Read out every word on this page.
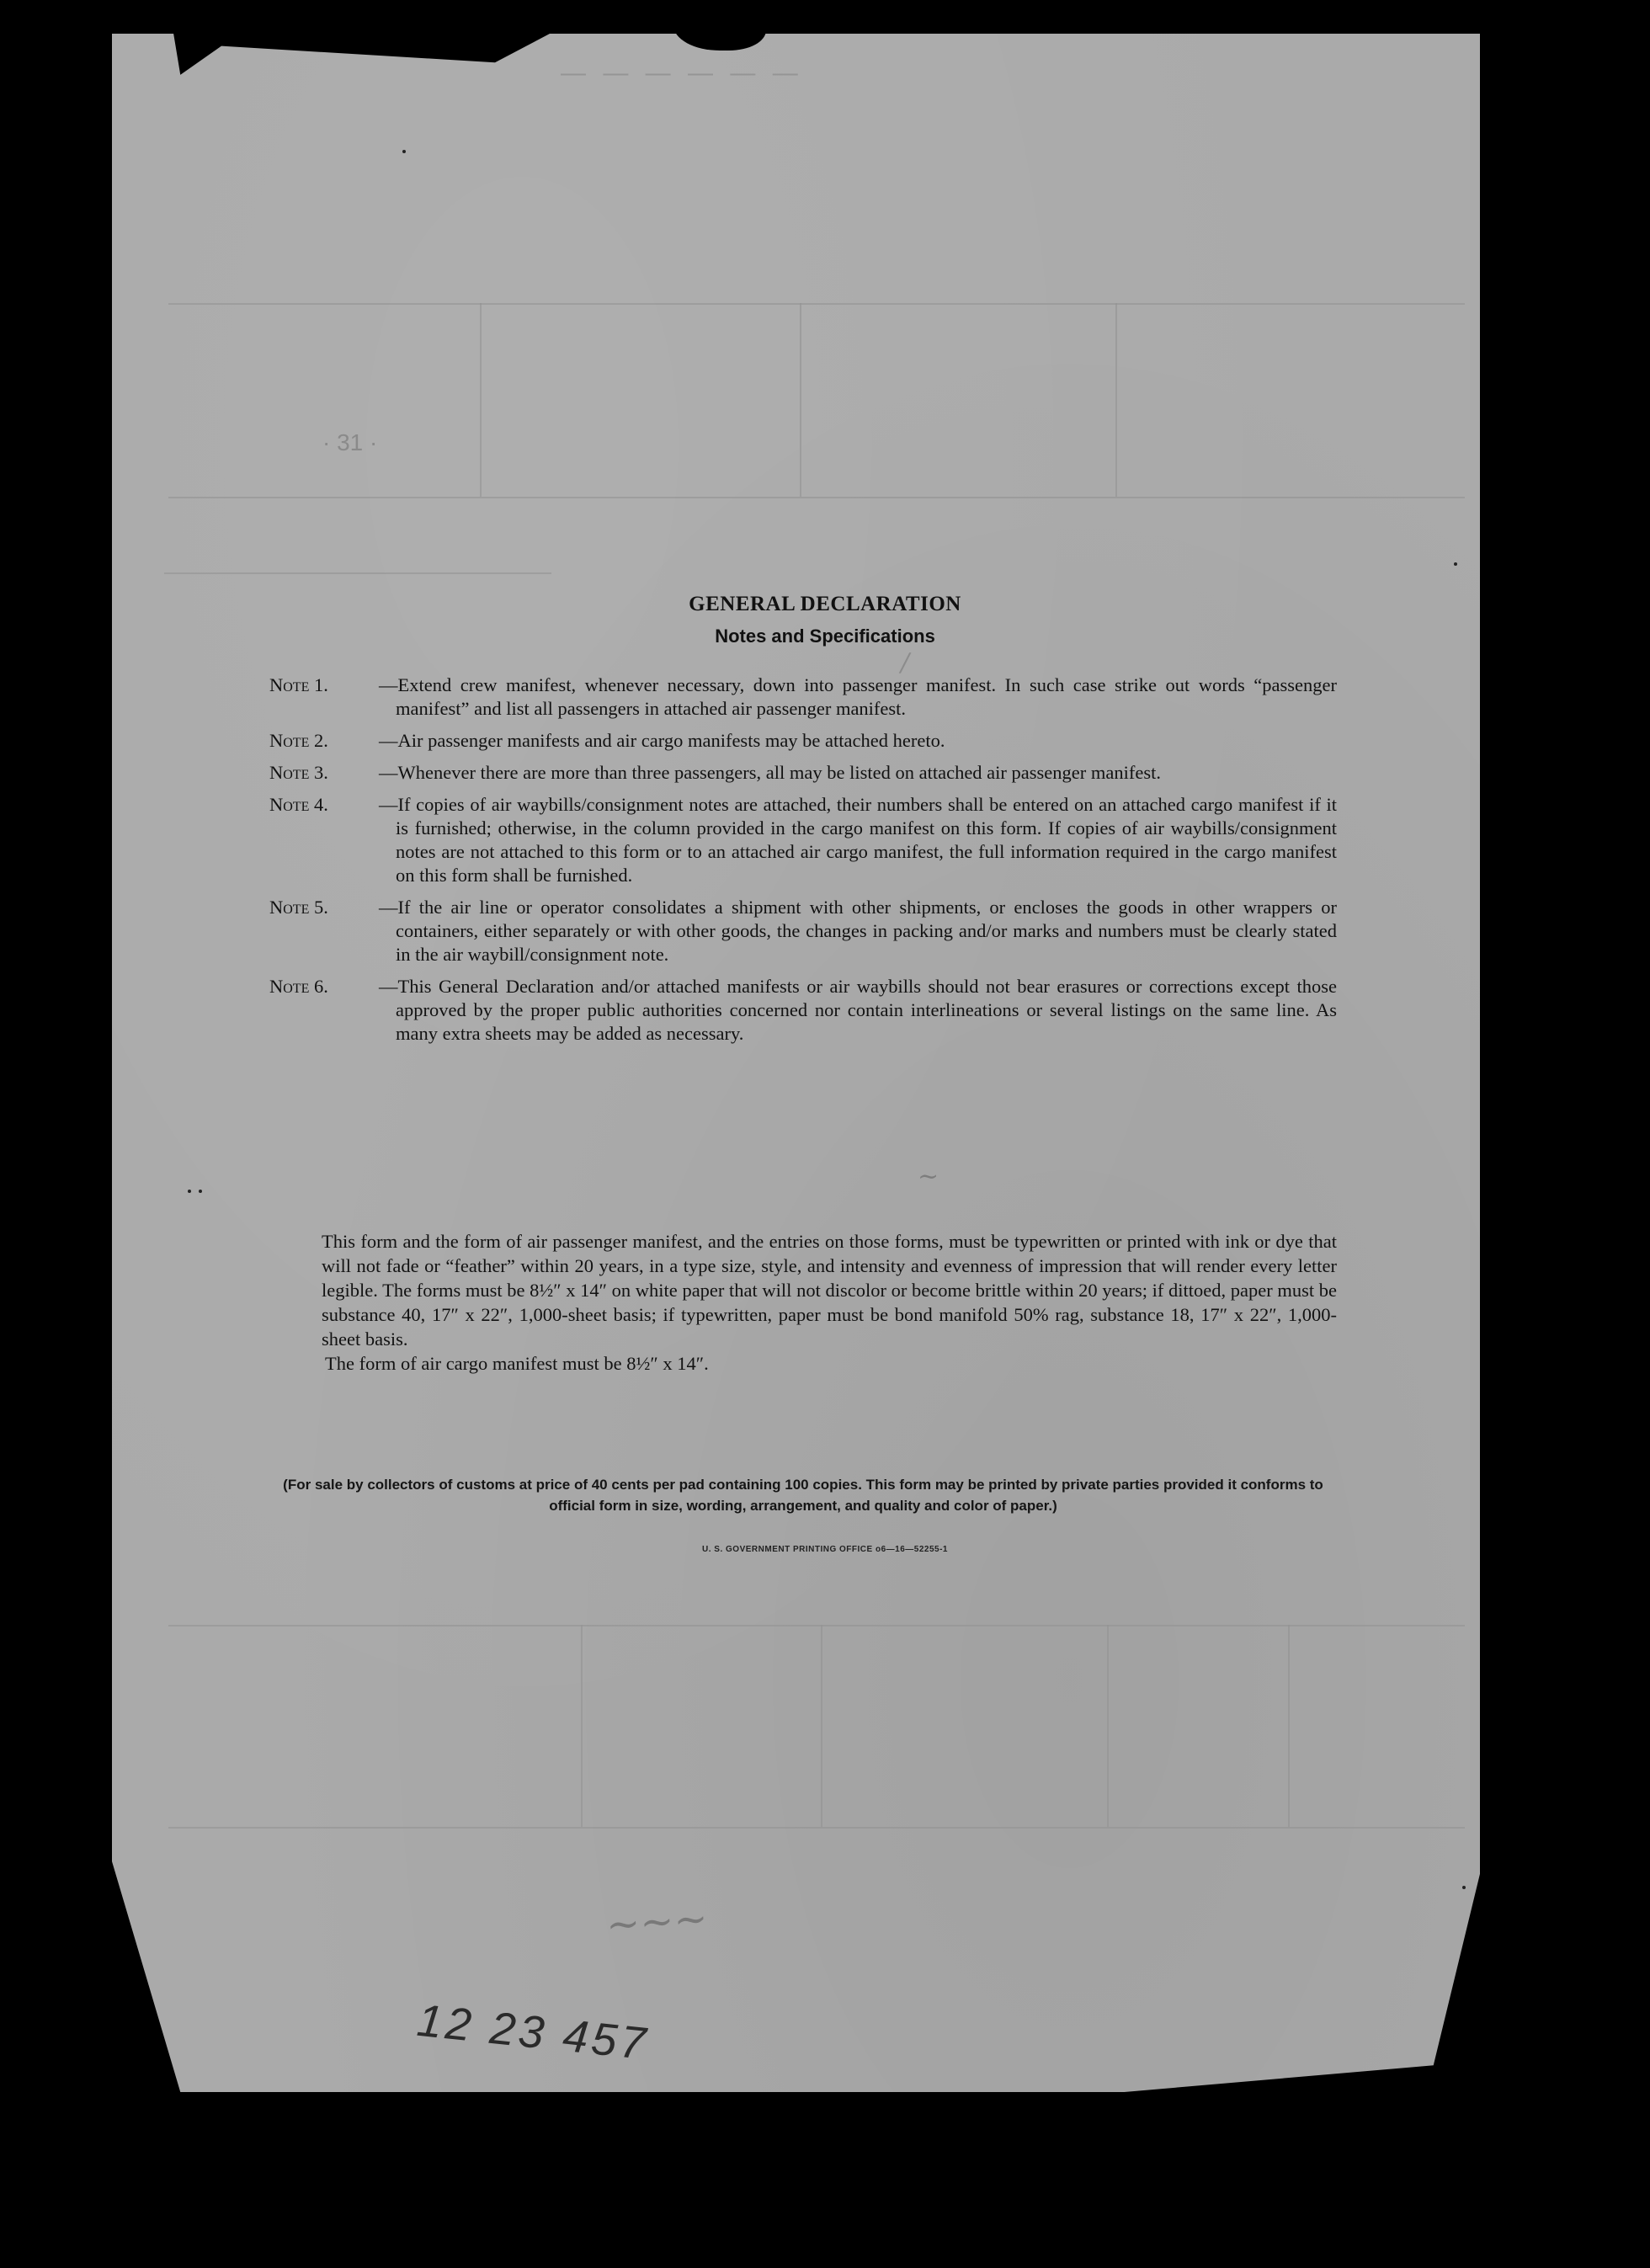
— — — — — —
· 31 ·
GENERAL DECLARATION
Notes and Specifications
Note 1.	—Extend crew manifest, whenever necessary, down into passenger manifest. In such case strike out words “passenger manifest” and list all passengers in attached air passenger manifest.
Note 2.	—Air passenger manifests and air cargo manifests may be attached hereto.
Note 3.	—Whenever there are more than three passengers, all may be listed on attached air passenger manifest.
Note 4.	—If copies of air waybills/consignment notes are attached, their numbers shall be entered on an attached cargo manifest if it is furnished; otherwise, in the column provided in the cargo manifest on this form. If copies of air waybills/consignment notes are not attached to this form or to an attached air cargo manifest, the full information required in the cargo manifest on this form shall be furnished.
Note 5.	—If the air line or operator consolidates a shipment with other shipments, or encloses the goods in other wrappers or containers, either separately or with other goods, the changes in packing and/or marks and numbers must be clearly stated in the air waybill/consignment note.
Note 6.	—This General Declaration and/or attached manifests or air waybills should not bear erasures or corrections except those approved by the proper public authorities concerned nor contain interlineations or several listings on the same line. As many extra sheets may be added as necessary.

This form and the form of air passenger manifest, and the entries on those forms, must be typewritten or printed with ink or dye that will not fade or “feather” within 20 years, in a type size, style, and intensity and evenness of impression that will render every letter legible. The forms must be 8½″ x 14″ on white paper that will not discolor or become brittle within 20 years; if dittoed, paper must be substance 40, 17″ x 22″, 1,000-sheet basis; if typewritten, paper must be bond manifold 50% rag, substance 18, 17″ x 22″, 1,000-sheet basis.

The form of air cargo manifest must be 8½″ x 14″.

(For sale by collectors of customs at price of 40 cents per pad containing 100 copies. This form may be printed by private parties provided it conforms to official form in size, wording, arrangement, and quality and color of paper.)
U. S. GOVERNMENT PRINTING OFFICE o6—16—52255-1
12 23 457
~
~~~
∕
